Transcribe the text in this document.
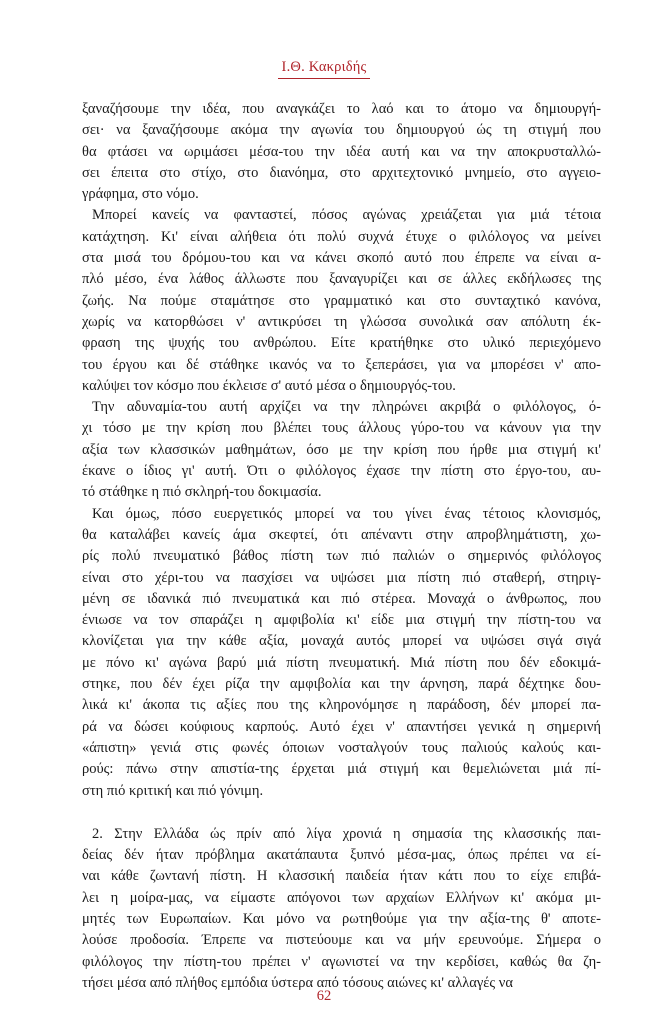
Ι.Θ. Κακριδής
ξαναζήσουμε την ιδέα, που αναγκάζει το λαό και το άτομο να δημιουργή-
σει· να ξαναζήσουμε ακόμα την αγωνία του δημιουργού ώς τη στιγμή που
θα φτάσει να ωριμάσει μέσα-του την ιδέα αυτή και να την αποκρυσταλλώ-
σει έπειτα στο στίχο, στο διανόημα, στο αρχιτεχτονικό μνημείο, στο αγγειο-
γράφημα, στο νόμο.
Μπορεί κανείς να φανταστεί, πόσος αγώνας χρειάζεται για μιά τέτοια
κατάχτηση. Κι' είναι αλήθεια ότι πολύ συχνά έτυχε ο φιλόλογος να μείνει
στα μισά του δρόμου-του και να κάνει σκοπό αυτό που έπρεπε να είναι α-
πλό μέσο, ένα λάθος άλλωστε που ξαναγυρίζει και σε άλλες εκδήλωσες της
ζωής. Να πούμε σταμάτησε στο γραμματικό και στο συνταχτικό κανόνα,
χωρίς να κατορθώσει ν' αντικρύσει τη γλώσσα συνολικά σαν απόλυτη έκ-
φραση της ψυχής του ανθρώπου. Είτε κρατήθηκε στο υλικό περιεχόμενο
του έργου και δέ στάθηκε ικανός να το ξεπεράσει, για να μπορέσει ν' απο-
καλύψει τον κόσμο που έκλεισε σ' αυτό μέσα ο δημιουργός-του.
Την αδυναμία-του αυτή αρχίζει να την πληρώνει ακριβά ο φιλόλογος, ό-
χι τόσο με την κρίση που βλέπει τους άλλους γύρο-του να κάνουν για την
αξία των κλασσικών μαθημάτων, όσο με την κρίση που ήρθε μια στιγμή κι'
έκανε ο ίδιος γι' αυτή. Ότι ο φιλόλογος έχασε την πίστη στο έργο-του, αυ-
τό στάθηκε η πιό σκληρή-του δοκιμασία.
Και όμως, πόσο ευεργετικός μπορεί να του γίνει ένας τέτοιος κλονισμός,
θα καταλάβει κανείς άμα σκεφτεί, ότι απέναντι στην απροβλημάτιστη, χω-
ρίς πολύ πνευματικό βάθος πίστη των πιό παλιών ο σημερινός φιλόλογος
είναι στο χέρι-του να πασχίσει να υψώσει μια πίστη πιό σταθερή, στηριγ-
μένη σε ιδανικά πιό πνευματικά και πιό στέρεα. Μοναχά ο άνθρωπος, που
ένιωσε να τον σπαράζει η αμφιβολία κι' είδε μια στιγμή την πίστη-του να
κλονίζεται για την κάθε αξία, μοναχά αυτός μπορεί να υψώσει σιγά σιγά
με πόνο κι' αγώνα βαρύ μιά πίστη πνευματική. Μιά πίστη που δέν εδοκιμά-
στηκε, που δέν έχει ρίζα την αμφιβολία και την άρνηση, παρά δέχτηκε δου-
λικά κι' άκοπα τις αξίες που της κληρονόμησε η παράδοση, δέν μπορεί πα-
ρά να δώσει κούφιους καρπούς. Αυτό έχει ν' απαντήσει γενικά η σημερινή
«άπιστη» γενιά στις φωνές όποιων νοσταλγούν τους παλιούς καλούς και-
ρούς: πάνω στην απιστία-της έρχεται μιά στιγμή και θεμελιώνεται μιά πί-
στη πιό κριτική και πιό γόνιμη.
2. Στην Ελλάδα ώς πρίν από λίγα χρονιά η σημασία της κλασσικής παι-
δείας δέν ήταν πρόβλημα ακατάπαυτα ξυπνό μέσα-μας, όπως πρέπει να εί-
ναι κάθε ζωντανή πίστη. Η κλασσική παιδεία ήταν κάτι που το είχε επιβά-
λει η μοίρα-μας, να είμαστε απόγονοι των αρχαίων Ελλήνων κι' ακόμα μι-
μητές των Ευρωπαίων. Και μόνο να ρωτηθούμε για την αξία-της θ' αποτε-
λούσε προδοσία. Έπρεπε να πιστεύουμε και να μήν ερευνούμε. Σήμερα ο
φιλόλογος την πίστη-του πρέπει ν' αγωνιστεί να την κερδίσει, καθώς θα ζη-
τήσει μέσα από πλήθος εμπόδια ύστερα από τόσους αιώνες κι' αλλαγές να
62
